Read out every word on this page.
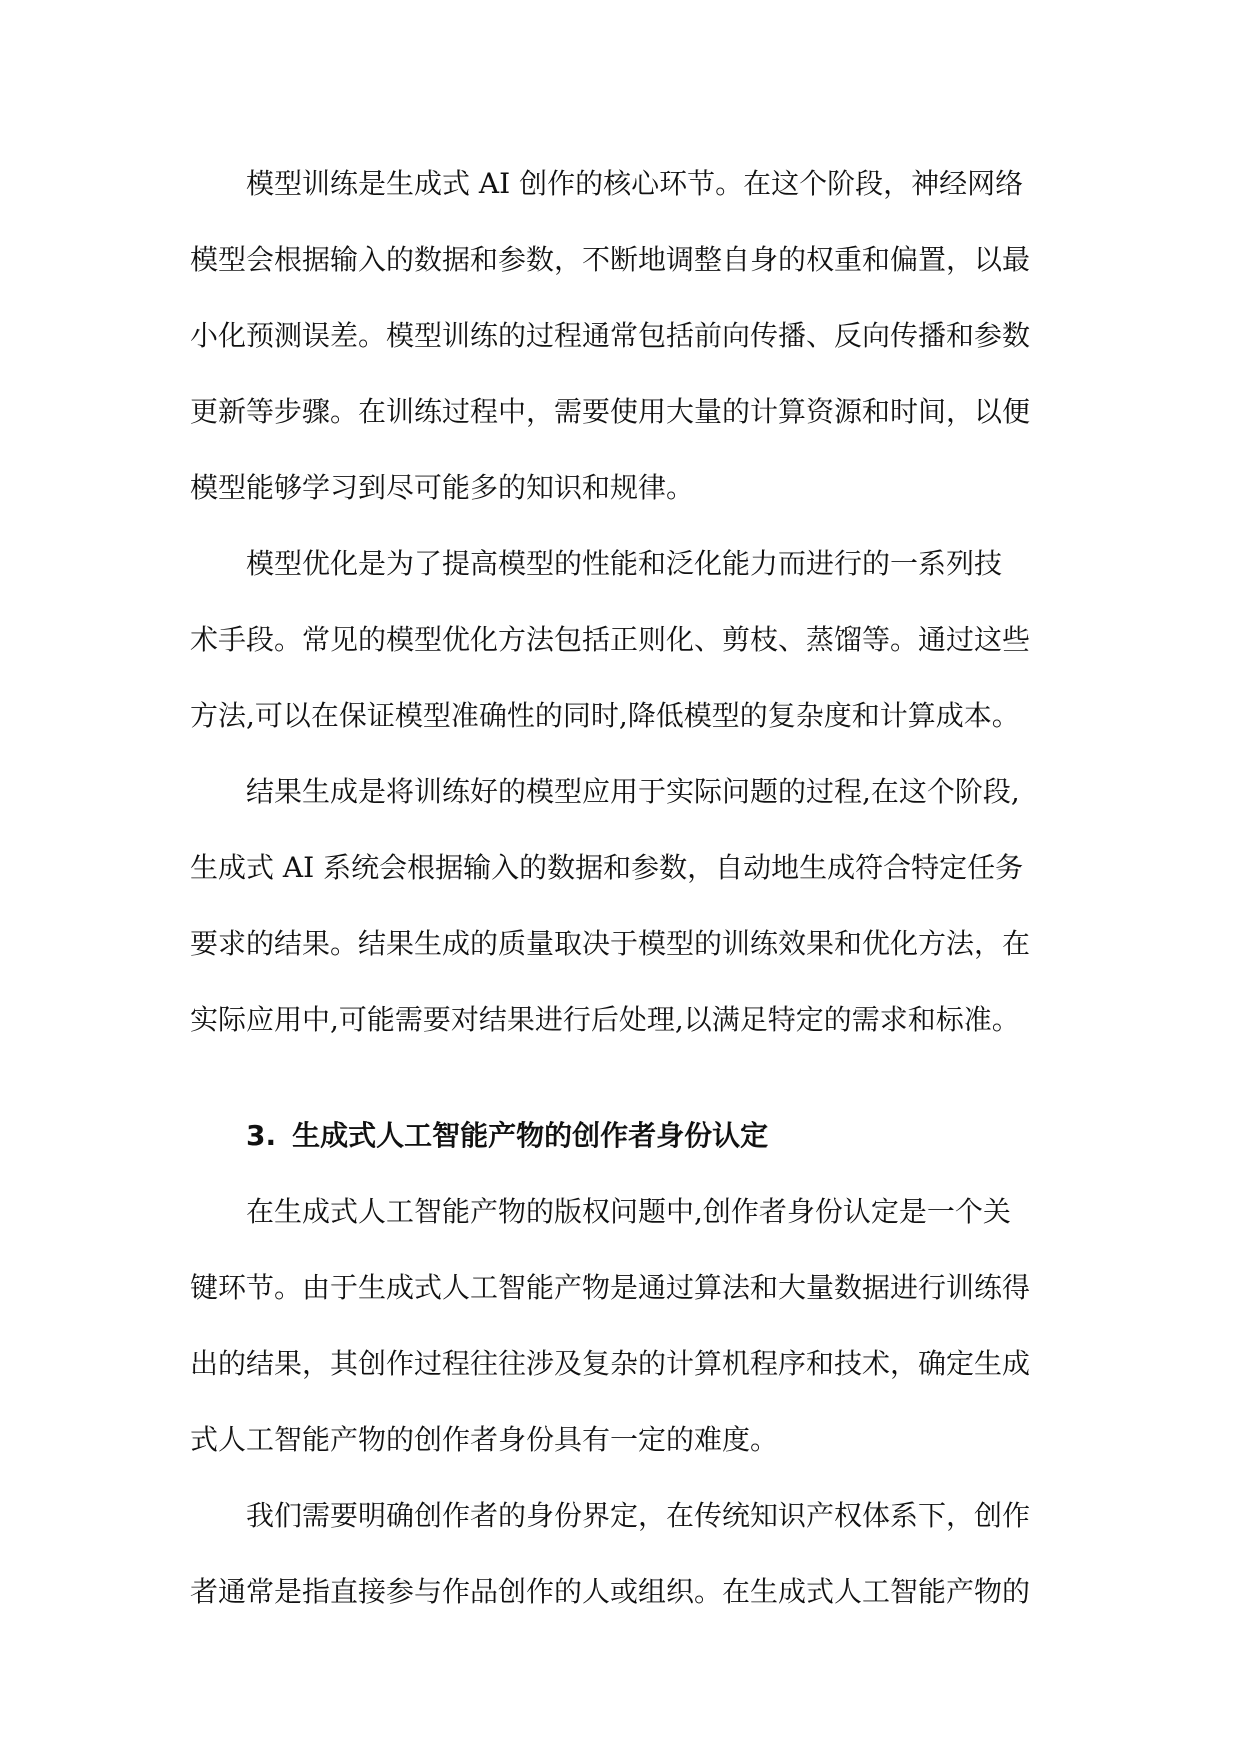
模型训练是生成式 AI 创作的核心环节。在这个阶段，神经网络
模型会根据输入的数据和参数，不断地调整自身的权重和偏置，以最
小化预测误差。模型训练的过程通常包括前向传播、反向传播和参数
更新等步骤。在训练过程中，需要使用大量的计算资源和时间，以便
模型能够学习到尽可能多的知识和规律。

模型优化是为了提高模型的性能和泛化能力而进行的一系列技
术手段。常见的模型优化方法包括正则化、剪枝、蒸馏等。通过这些
方法,可以在保证模型准确性的同时,降低模型的复杂度和计算成本。

结果生成是将训练好的模型应用于实际问题的过程,在这个阶段,
生成式 AI 系统会根据输入的数据和参数，自动地生成符合特定任务
要求的结果。结果生成的质量取决于模型的训练效果和优化方法，在
实际应用中,可能需要对结果进行后处理,以满足特定的需求和标准。

3. 生成式人工智能产物的创作者身份认定

在生成式人工智能产物的版权问题中,创作者身份认定是一个关
键环节。由于生成式人工智能产物是通过算法和大量数据进行训练得
出的结果，其创作过程往往涉及复杂的计算机程序和技术，确定生成
式人工智能产物的创作者身份具有一定的难度。

我们需要明确创作者的身份界定，在传统知识产权体系下，创作
者通常是指直接参与作品创作的人或组织。在生成式人工智能产物的
